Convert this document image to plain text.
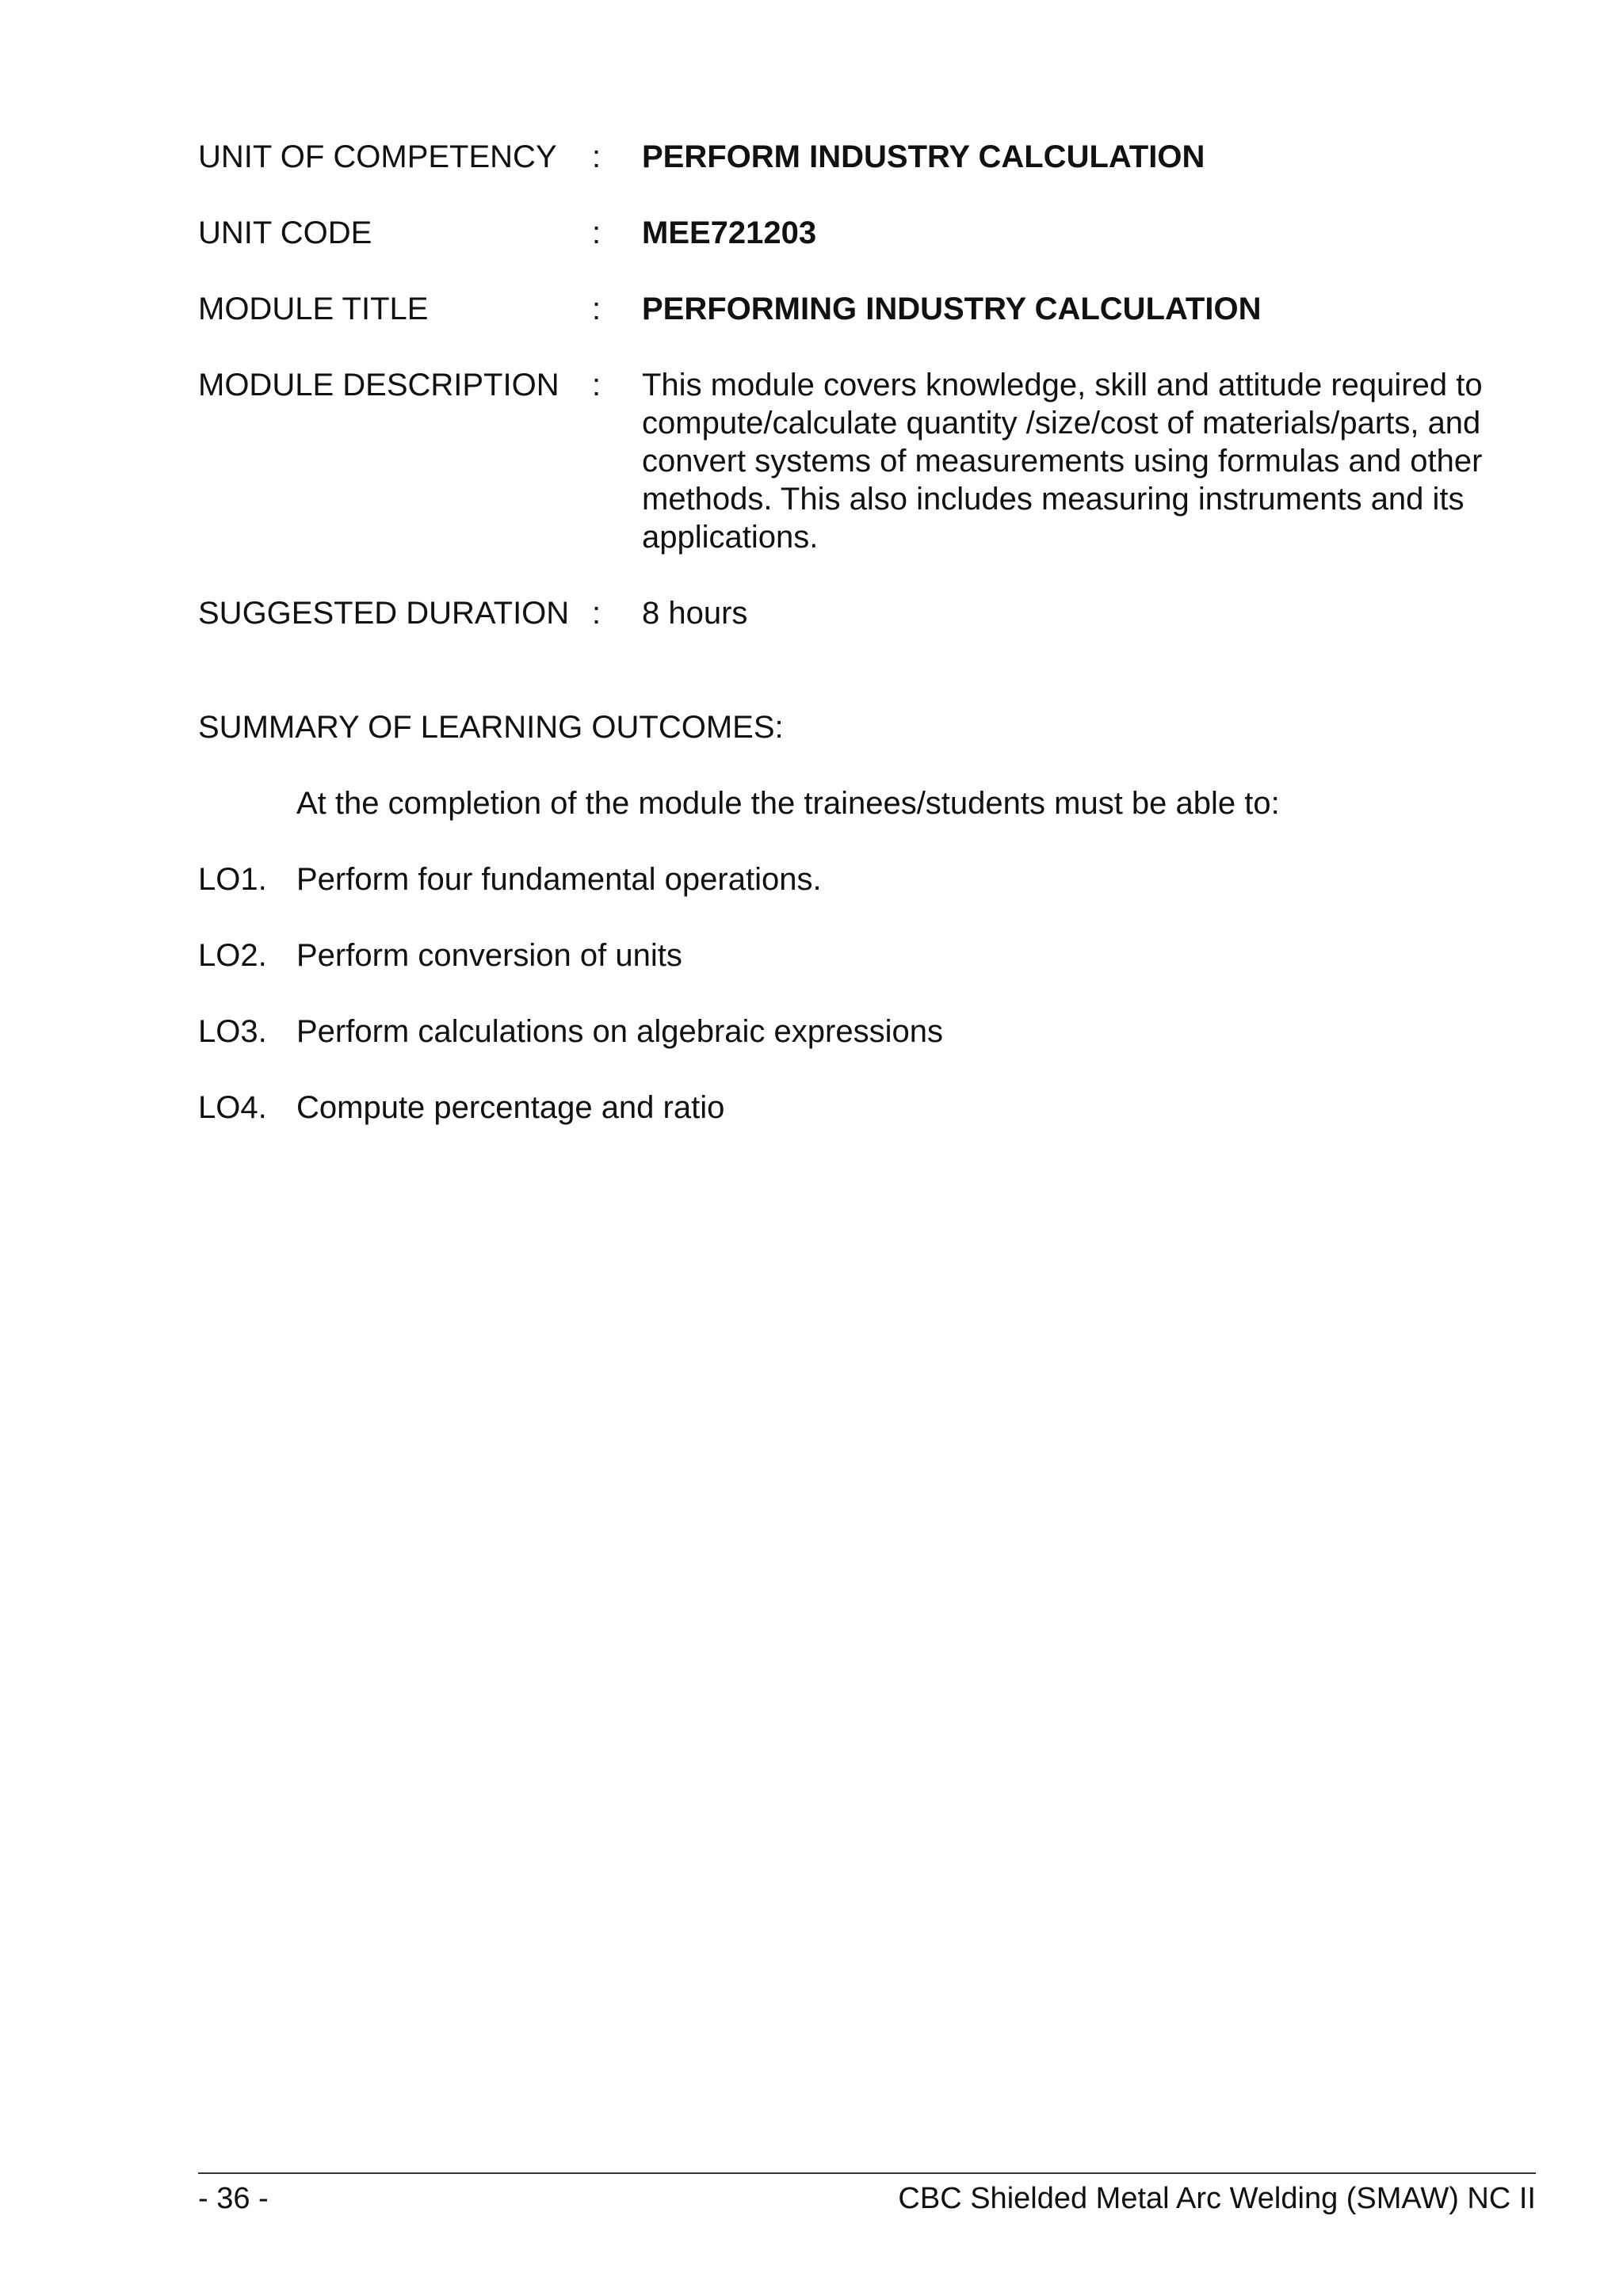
UNIT OF COMPETENCY : PERFORM INDUSTRY CALCULATION
UNIT CODE	: MEE721203
MODULE TITLE	: PERFORMING INDUSTRY CALCULATION
MODULE DESCRIPTION : This module covers knowledge, skill and attitude required to compute/calculate quantity /size/cost of materials/parts, and convert systems of measurements using formulas and other methods. This also includes measuring instruments and its applications.
SUGGESTED DURATION : 8 hours
SUMMARY OF LEARNING OUTCOMES:
At the completion of the module the trainees/students must be able to:
LO1. Perform four fundamental operations.
LO2. Perform conversion of units
LO3. Perform calculations on algebraic expressions
LO4. Compute percentage and ratio
- 36 -	CBC Shielded Metal Arc Welding (SMAW) NC II
